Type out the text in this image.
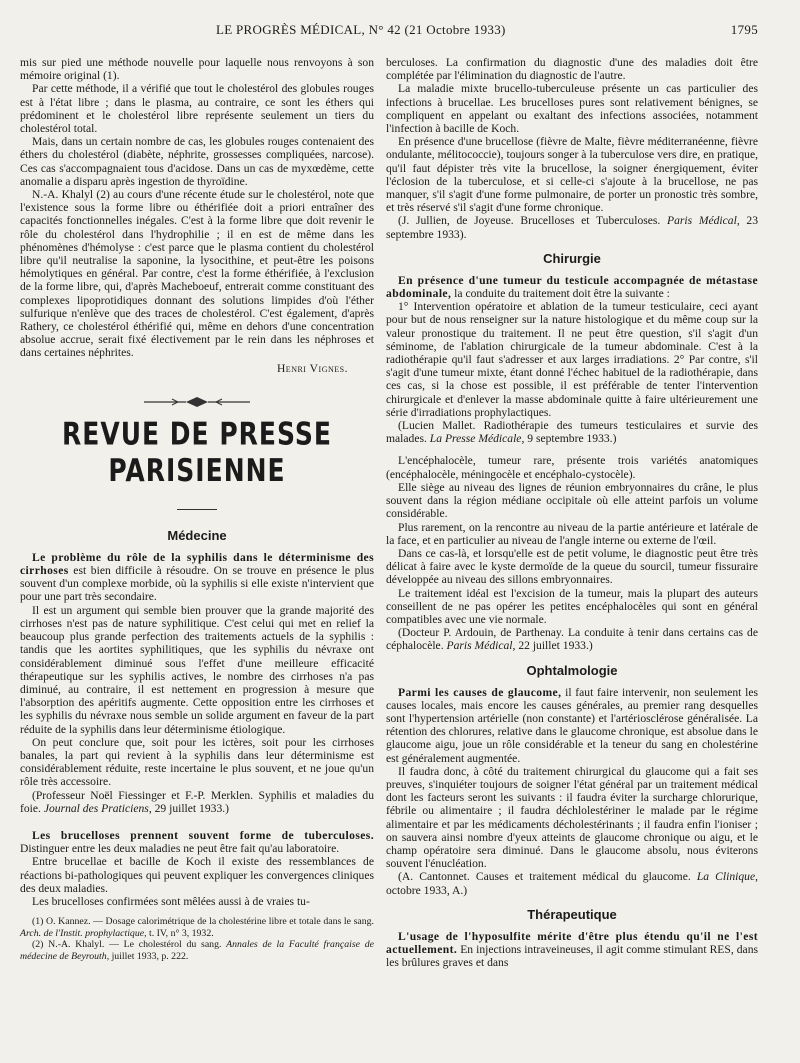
LE PROGRÈS MÉDICAL, N° 42 (21 Octobre 1933)	1795

mis sur pied une méthode nouvelle pour laquelle nous renvoyons à son mémoire original (1).

Par cette méthode, il a vérifié que tout le cholestérol des globules rouges est à l'état libre ; dans le plasma, au contraire, ce sont les éthers qui prédominent et le cholestérol libre représente seulement un tiers du cholestérol total.

Mais, dans un certain nombre de cas, les globules rouges contenaient des éthers du cholestérol (diabète, néphrite, grossesses compliquées, narcose). Ces cas s'accompagnaient tous d'acidose. Dans un cas de myxœdème, cette anomalie a disparu après ingestion de thyroïdine.

N.-A. Khalyl (2) au cours d'une récente étude sur le cholestérol, note que l'existence sous la forme libre ou éthérifiée doit a priori entraîner des capacités fonctionnelles inégales. C'est à la forme libre que doit revenir le rôle du cholestérol dans l'hydrophilie ; il en est de même dans les phénomènes d'hémolyse : c'est parce que le plasma contient du cholestérol libre qu'il neutralise la saponine, la lysocithine, et peut-être les poisons hémolytiques en général. Par contre, c'est la forme éthérifiée, à l'exclusion de la forme libre, qui, d'après Macheboeuf, entrerait comme constituant des complexes lipoprotidiques donnant des solutions limpides d'où l'éther sulfurique n'enlève que des traces de cholestérol. C'est également, d'après Rathery, ce cholestérol éthérifié qui, même en dehors d'une concentration absolue accrue, serait fixé électivement par le rein dans les néphroses et dans certaines néphrites.

Henri Vignes.

REVUE DE PRESSE PARISIENNE
Médecine

Le problème du rôle de la syphilis dans le déterminisme des cirrhoses est bien difficile à résoudre. On se trouve en présence le plus souvent d'un complexe morbide, où la syphilis si elle existe n'intervient que pour une part très secondaire.

Il est un argument qui semble bien prouver que la grande majorité des cirrhoses n'est pas de nature syphilitique. C'est celui qui met en relief la beaucoup plus grande perfection des traitements actuels de la syphilis : tandis que les aortites syphilitiques, que les syphilis du névraxe ont considérablement diminué sous l'effet d'une meilleure efficacité thérapeutique sur les syphilis actives, le nombre des cirrhoses n'a pas diminué, au contraire, il est nettement en progression à mesure que l'absorption des apéritifs augmente. Cette opposition entre les cirrhoses et les syphilis du névraxe nous semble un solide argument en faveur de la part réduite de la syphilis dans leur déterminisme étiologique.

On peut conclure que, soit pour les ictères, soit pour les cirrhoses banales, la part qui revient à la syphilis dans leur déterminisme est considérablement réduite, reste incertaine le plus souvent, et ne joue qu'un rôle très accessoire.

(Professeur Noël Fiessinger et F.-P. Merklen. Syphilis et maladies du foie. Journal des Praticiens, 29 juillet 1933.)

Les brucelloses prennent souvent forme de tuberculoses. Distinguer entre les deux maladies ne peut être fait qu'au laboratoire.

Entre brucellae et bacille de Koch il existe des ressemblances de réactions bi-pathologiques qui peuvent expliquer les convergences cliniques des deux maladies.

Les brucelloses confirmées sont mêlées aussi à de vraies tu-

(1) O. Kannez. — Dosage calorimétrique de la cholestérine libre et totale dans le sang. Arch. de l'Instit. prophylactique, t. IV, n° 3, 1932.

(2) N.-A. Khalyl. — Le cholestérol du sang. Annales de la Faculté française de médecine de Beyrouth, juillet 1933, p. 222.

berculoses. La confirmation du diagnostic d'une des maladies doit être complétée par l'élimination du diagnostic de l'autre.

La maladie mixte brucello-tuberculeuse présente un cas particulier des infections à brucellae. Les brucelloses pures sont relativement bénignes, se compliquent en appelant ou exaltant des infections associées, notamment l'infection à bacille de Koch.

En présence d'une brucellose (fièvre de Malte, fièvre méditerranéenne, fièvre ondulante, mélitococcie), toujours songer à la tuberculose vers dire, en pratique, qu'il faut dépister très vite la brucellose, la soigner énergiquement, éviter l'éclosion de la tuberculose, et si celle-ci s'ajoute à la brucellose, ne pas manquer, s'il s'agit d'une forme pulmonaire, de porter un pronostic très sombre, et très réservé s'il s'agit d'une forme chronique.

(J. Jullien, de Joyeuse. Brucelloses et Tuberculoses. Paris Médical, 23 septembre 1933).

Chirurgie

En présence d'une tumeur du testicule accompagnée de métastase abdominale, la conduite du traitement doit être la suivante :

1° Intervention opératoire et ablation de la tumeur testiculaire, ceci ayant pour but de nous renseigner sur la nature histologique et du même coup sur la valeur pronostique du traitement. Il ne peut être question, s'il s'agit d'un séminome, de l'ablation chirurgicale de la tumeur abdominale. C'est à la radiothérapie qu'il faut s'adresser et aux larges irradiations. 2° Par contre, s'il s'agit d'une tumeur mixte, étant donné l'échec habituel de la radiothérapie, dans ces cas, si la chose est possible, il est préférable de tenter l'intervention chirurgicale et d'enlever la masse abdominale quitte à faire ultérieurement une série d'irradiations prophylactiques.

(Lucien Mallet. Radiothérapie des tumeurs testiculaires et survie des malades. La Presse Médicale, 9 septembre 1933.)

L'encéphalocèle, tumeur rare, présente trois variétés anatomiques (encéphalocèle, méningocèle et encéphalo-cystocèle).

Elle siège au niveau des lignes de réunion embryonnaires du crâne, le plus souvent dans la région médiane occipitale où elle atteint parfois un volume considérable.

Plus rarement, on la rencontre au niveau de la partie antérieure et latérale de la face, et en particulier au niveau de l'angle interne ou externe de l'œil.

Dans ce cas-là, et lorsqu'elle est de petit volume, le diagnostic peut être très délicat à faire avec le kyste dermoïde de la queue du sourcil, tumeur fissuraire développée au niveau des sillons embryonnaires.

Le traitement idéal est l'excision de la tumeur, mais la plupart des auteurs conseillent de ne pas opérer les petites encéphalocèles qui sont en général compatibles avec une vie normale.

(Docteur P. Ardouin, de Parthenay. La conduite à tenir dans certains cas de céphalocèle. Paris Médical, 22 juillet 1933.)

Ophtalmologie

Parmi les causes de glaucome, il faut faire intervenir, non seulement les causes locales, mais encore les causes générales, au premier rang desquelles sont l'hypertension artérielle (non constante) et l'artériosclérose généralisée. La rétention des chlorures, relative dans le glaucome chronique, est absolue dans le glaucome aigu, joue un rôle considérable et la teneur du sang en cholestérine est généralement augmentée.

Il faudra donc, à côté du traitement chirurgical du glaucome qui a fait ses preuves, s'inquiéter toujours de soigner l'état général par un traitement médical dont les facteurs seront les suivants : il faudra éviter la surcharge chlorurique, fébrile ou alimentaire ; il faudra déchlolestériner le malade par le régime alimentaire et par les médicaments décholestérinants ; il faudra enfin l'ioniser ; on sauvera ainsi nombre d'yeux atteints de glaucome chronique ou aigu, et le champ opératoire sera diminué. Dans le glaucome absolu, nous éviterons souvent l'énucléation.

(A. Cantonnet. Causes et traitement médical du glaucome. La Clinique, octobre 1933, A.)

Thérapeutique

L'usage de l'hyposulfite mérite d'être plus étendu qu'il ne l'est actuellement. En injections intraveineuses, il agit comme stimulant RES, dans les brûlures graves et dans
